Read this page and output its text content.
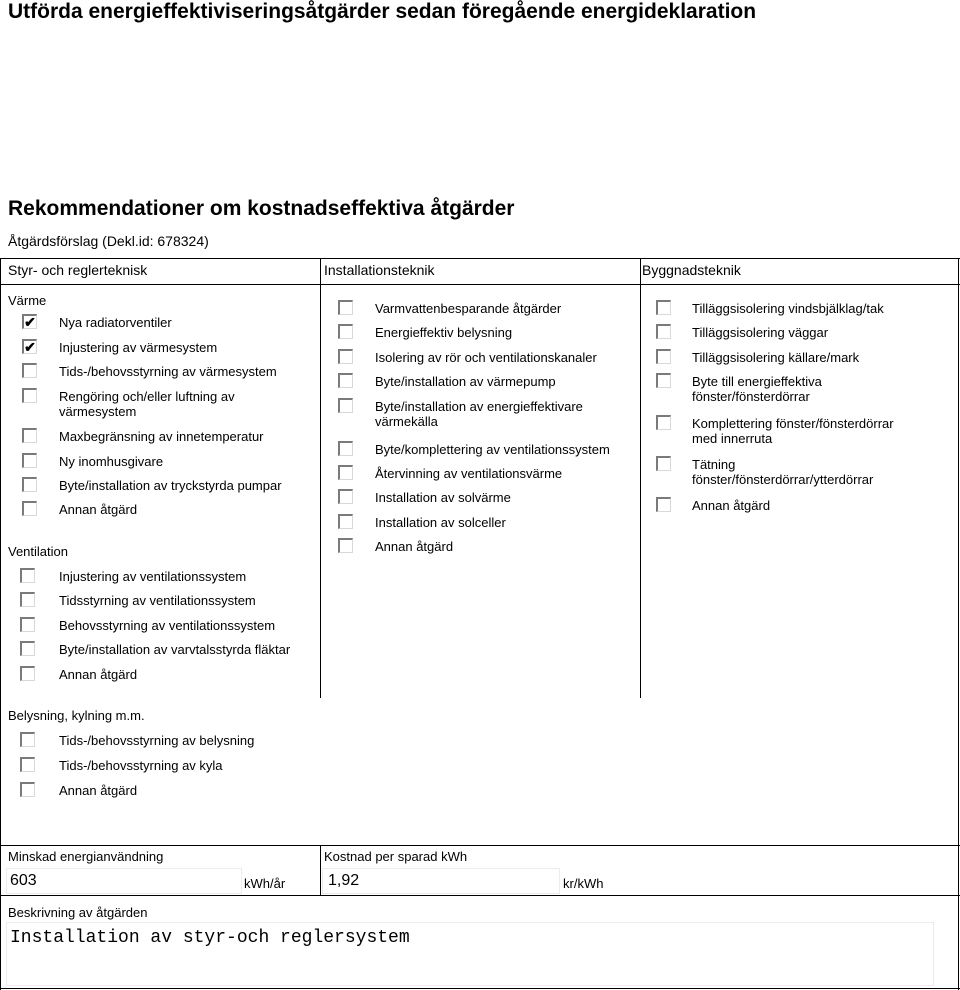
Utförda energieffektiviseringsåtgärder sedan föregående energideklaration
Rekommendationer om kostnadseffektiva åtgärder
Åtgärdsförslag (Dekl.id: 678324)
Styr- och reglerteknisk	Installationsteknik	Byggnadsteknik
Värme
✔ Nya radiatorventiler
✔ Injustering av värmesystem
Tids-/behovsstyrning av värmesystem
Rengöring och/eller luftning av
värmesystem
Maxbegränsning av innetemperatur
Ny inomhusgivare
Byte/installation av tryckstyrda pumpar
Annan åtgärd
Ventilation
Injustering av ventilationssystem
Tidsstyrning av ventilationssystem
Behovsstyrning av ventilationssystem
Byte/installation av varvtalsstyrda fläktar
Annan åtgärd
Belysning, kylning m.m.
Tids-/behovsstyrning av belysning
Tids-/behovsstyrning av kyla
Annan åtgärd
Varmvattenbesparande åtgärder
Energieffektiv belysning
Isolering av rör och ventilationskanaler
Byte/installation av värmepump
Byte/installation av energieffektivare
värmekälla
Byte/komplettering av ventilationssystem
Återvinning av ventilationsvärme
Installation av solvärme
Installation av solceller
Annan åtgärd
Tilläggsisolering vindsbjälklag/tak
Tilläggsisolering väggar
Tilläggsisolering källare/mark
Byte till energieffektiva
fönster/fönsterdörrar
Komplettering fönster/fönsterdörrar
med innerruta
Tätning
fönster/fönsterdörrar/ytterdörrar
Annan åtgärd
Minskad energianvändning
603	kWh/år
Kostnad per sparad kWh
1,92	kr/kWh
Beskrivning av åtgärden
Installation av styr-och reglersystem
